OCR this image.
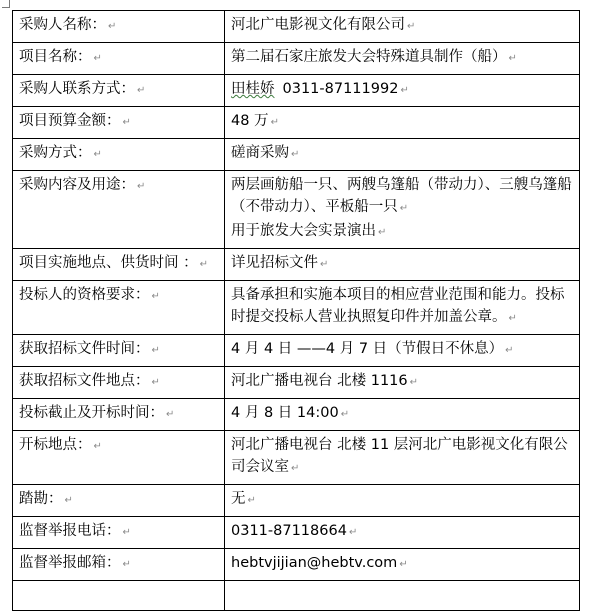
采购人名称： ↵	河北广电影视文化有限公司 ↵
项目名称： ↵	第二届石家庄旅发大会特殊道具制作（船） ↵
采购人联系方式： ↵	田桂娇 0311-87111992 ↵
项目预算金额： ↵	48 万 ↵
采购方式： ↵	磋商采购 ↵
采购内容及用途： ↵	两层画舫船一只、两艘乌篷船（带动力）、三艘乌篷船（不带动力）、平板船一只 ↵
用于旅发大会实景演出 ↵

项目实施地点、供货时间 ： ↵	详见招标文件 ↵
投标人的资格要求： ↵	具备承担和实施本项目的相应营业范围和能力。投标时提交投标人营业执照复印件并加盖公章。 ↵
获取招标文件时间： ↵	4 月 4 日 ——4 月 7 日（节假日不休息） ↵
获取招标文件地点： ↵	河北广播电视台 北楼 1116 ↵
投标截止及开标时间： ↵	4 月 8 日 14:00 ↵
开标地点： ↵	河北广播电视台 北楼 11 层河北广电影视文化有限公司会议室 ↵
踏勘： ↵	无 ↵
监督举报电话： ↵	0311-87118664 ↵
监督举报邮箱： ↵	hebtvjijian@hebtv.com ↵
